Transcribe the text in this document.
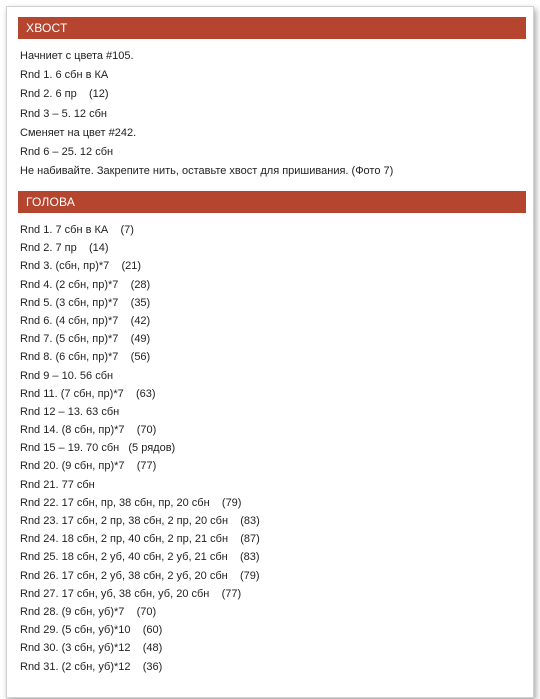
ХВОСТ
Начниет с цвета #105.
Rnd 1. 6 сбн в КА
Rnd 2. 6 пр    (12)
Rnd 3 – 5. 12 сбн
Сменяет на цвет #242.
Rnd 6 – 25. 12 сбн
Не набивайте. Закрепите нить, оставьте хвост для пришивания. (Фото 7)
ГОЛОВА
Rnd 1. 7 сбн в КА    (7)
Rnd 2. 7 пр    (14)
Rnd 3. (сбн, пр)*7    (21)
Rnd 4. (2 сбн, пр)*7    (28)
Rnd 5. (3 сбн, пр)*7    (35)
Rnd 6. (4 сбн, пр)*7    (42)
Rnd 7. (5 сбн, пр)*7    (49)
Rnd 8. (6 сбн, пр)*7    (56)
Rnd 9 – 10. 56 сбн
Rnd 11. (7 сбн, пр)*7    (63)
Rnd 12 – 13. 63 сбн
Rnd 14. (8 сбн, пр)*7    (70)
Rnd 15 – 19. 70 сбн   (5 рядов)
Rnd 20. (9 сбн, пр)*7    (77)
Rnd 21. 77 сбн
Rnd 22. 17 сбн, пр, 38 сбн, пр, 20 сбн    (79)
Rnd 23. 17 сбн, 2 пр, 38 сбн, 2 пр, 20 сбн    (83)
Rnd 24. 18 сбн, 2 пр, 40 сбн, 2 пр, 21 сбн    (87)
Rnd 25. 18 сбн, 2 уб, 40 сбн, 2 уб, 21 сбн    (83)
Rnd 26. 17 сбн, 2 уб, 38 сбн, 2 уб, 20 сбн    (79)
Rnd 27. 17 сбн, уб, 38 сбн, уб, 20 сбн    (77)
Rnd 28. (9 сбн, уб)*7    (70)
Rnd 29. (5 сбн, уб)*10    (60)
Rnd 30. (3 сбн, уб)*12    (48)
Rnd 31. (2 сбн, уб)*12    (36)
